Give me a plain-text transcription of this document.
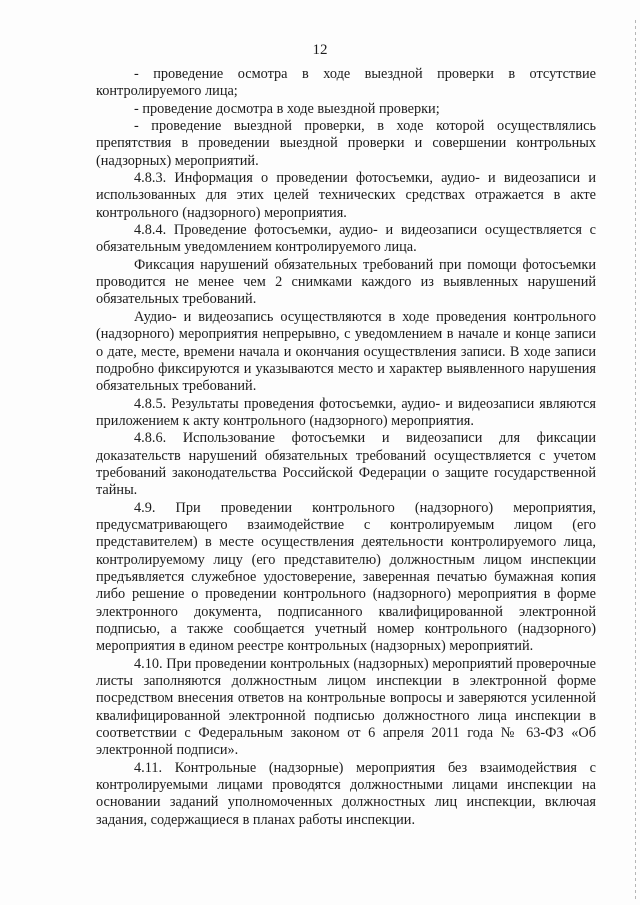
12

- проведение осмотра в ходе выездной проверки в отсутствие контролируемого лица;

- проведение досмотра в ходе выездной проверки;

- проведение выездной проверки, в ходе которой осуществлялись препятствия в проведении выездной проверки и совершении контрольных (надзорных) мероприятий.

4.8.3. Информация о проведении фотосъемки, аудио- и видеозаписи и использованных для этих целей технических средствах отражается в акте контрольного (надзорного) мероприятия.

4.8.4. Проведение фотосъемки, аудио- и видеозаписи осуществляется с обязательным уведомлением контролируемого лица.

Фиксация нарушений обязательных требований при помощи фотосъемки проводится не менее чем 2 снимками каждого из выявленных нарушений обязательных требований.

Аудио- и видеозапись осуществляются в ходе проведения контрольного (надзорного) мероприятия непрерывно, с уведомлением в начале и конце записи о дате, месте, времени начала и окончания осуществления записи. В ходе записи подробно фиксируются и указываются место и характер выявленного нарушения обязательных требований.

4.8.5. Результаты проведения фотосъемки, аудио- и видеозаписи являются приложением к акту контрольного (надзорного) мероприятия.

4.8.6. Использование фотосъемки и видеозаписи для фиксации доказательств нарушений обязательных требований осуществляется с учетом требований законодательства Российской Федерации о защите государственной тайны.

4.9. При проведении контрольного (надзорного) мероприятия, предусматривающего взаимодействие с контролируемым лицом (его представителем) в месте осуществления деятельности контролируемого лица, контролируемому лицу (его представителю) должностным лицом инспекции предъявляется служебное удостоверение, заверенная печатью бумажная копия либо решение о проведении контрольного (надзорного) мероприятия в форме электронного документа, подписанного квалифицированной электронной подписью, а также сообщается учетный номер контрольного (надзорного) мероприятия в едином реестре контрольных (надзорных) мероприятий.

4.10. При проведении контрольных (надзорных) мероприятий проверочные листы заполняются должностным лицом инспекции в электронной форме посредством внесения ответов на контрольные вопросы и заверяются усиленной квалифицированной электронной подписью должностного лица инспекции в соответствии с Федеральным законом от 6 апреля 2011 года № 63-ФЗ «Об электронной подписи».

4.11. Контрольные (надзорные) мероприятия без взаимодействия с контролируемыми лицами проводятся должностными лицами инспекции на основании заданий уполномоченных должностных лиц инспекции, включая задания, содержащиеся в планах работы инспекции.
